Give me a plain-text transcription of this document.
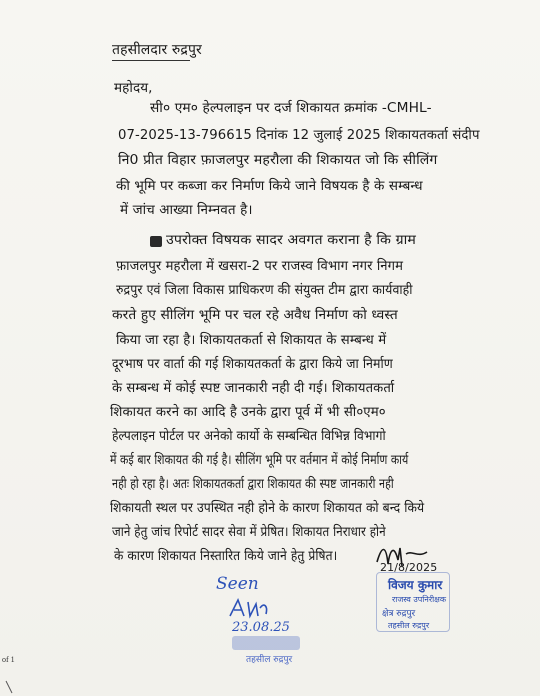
तहसीलदार रुद्रपुर
महोदय,
सी० एम० हेल्पलाइन पर दर्ज शिकायत क्रमांक -CMHL-
07-2025-13-796615 दिनांक 12 जुलाई 2025 शिकायतकर्ता संदीप
नि0 प्रीत विहार फ़ाजलपुर महरौला की शिकायत जो कि सीलिंग
की भूमि पर कब्जा कर निर्माण किये जाने विषयक है के सम्बन्ध
में जांच आख्या निम्नवत है।
उपरोक्त विषयक सादर अवगत कराना है कि ग्राम
फ़ाजलपुर महरौला में खसरा-2 पर राजस्व विभाग नगर निगम
रुद्रपुर एवं जिला विकास प्राधिकरण की संयुक्त टीम द्वारा कार्यवाही
करते हुए सीलिंग भूमि पर चल रहे अवैध निर्माण को ध्वस्त
किया जा रहा है। शिकायतकर्ता से शिकायत के सम्बन्ध में
दूरभाष पर वार्ता की गई शिकायतकर्ता के द्वारा किये जा निर्माण
के सम्बन्ध में कोई स्पष्ट जानकारी नही दी गई। शिकायतकर्ता
शिकायत करने का आदि है उनके द्वारा पूर्व में भी सी०एम०
हेल्पलाइन पोर्टल पर अनेको कार्यो के सम्बन्धित विभिन्न विभागो
में कई बार शिकायत की गई है। सीलिंग भूमि पर वर्तमान में कोई निर्माण कार्य
नही हो रहा है। अतः शिकायतकर्ता द्वारा शिकायत की स्पष्ट जानकारी नही
शिकायती स्थल पर उपस्थित नही होने के कारण शिकायत को बन्द किये
जाने हेतु जांच रिपोर्ट सादर सेवा में प्रेषित। शिकायत निराधार होने
के कारण शिकायत निस्तारित किये जाने हेतु प्रेषित।
21/8/2025
विजय कुमार
राजस्व उपनिरीक्षक
क्षेत्र रुद्रपुर
तहसील रुद्रपुर
Seen
23.08.25
तहसील रुद्रपुर
of 1
